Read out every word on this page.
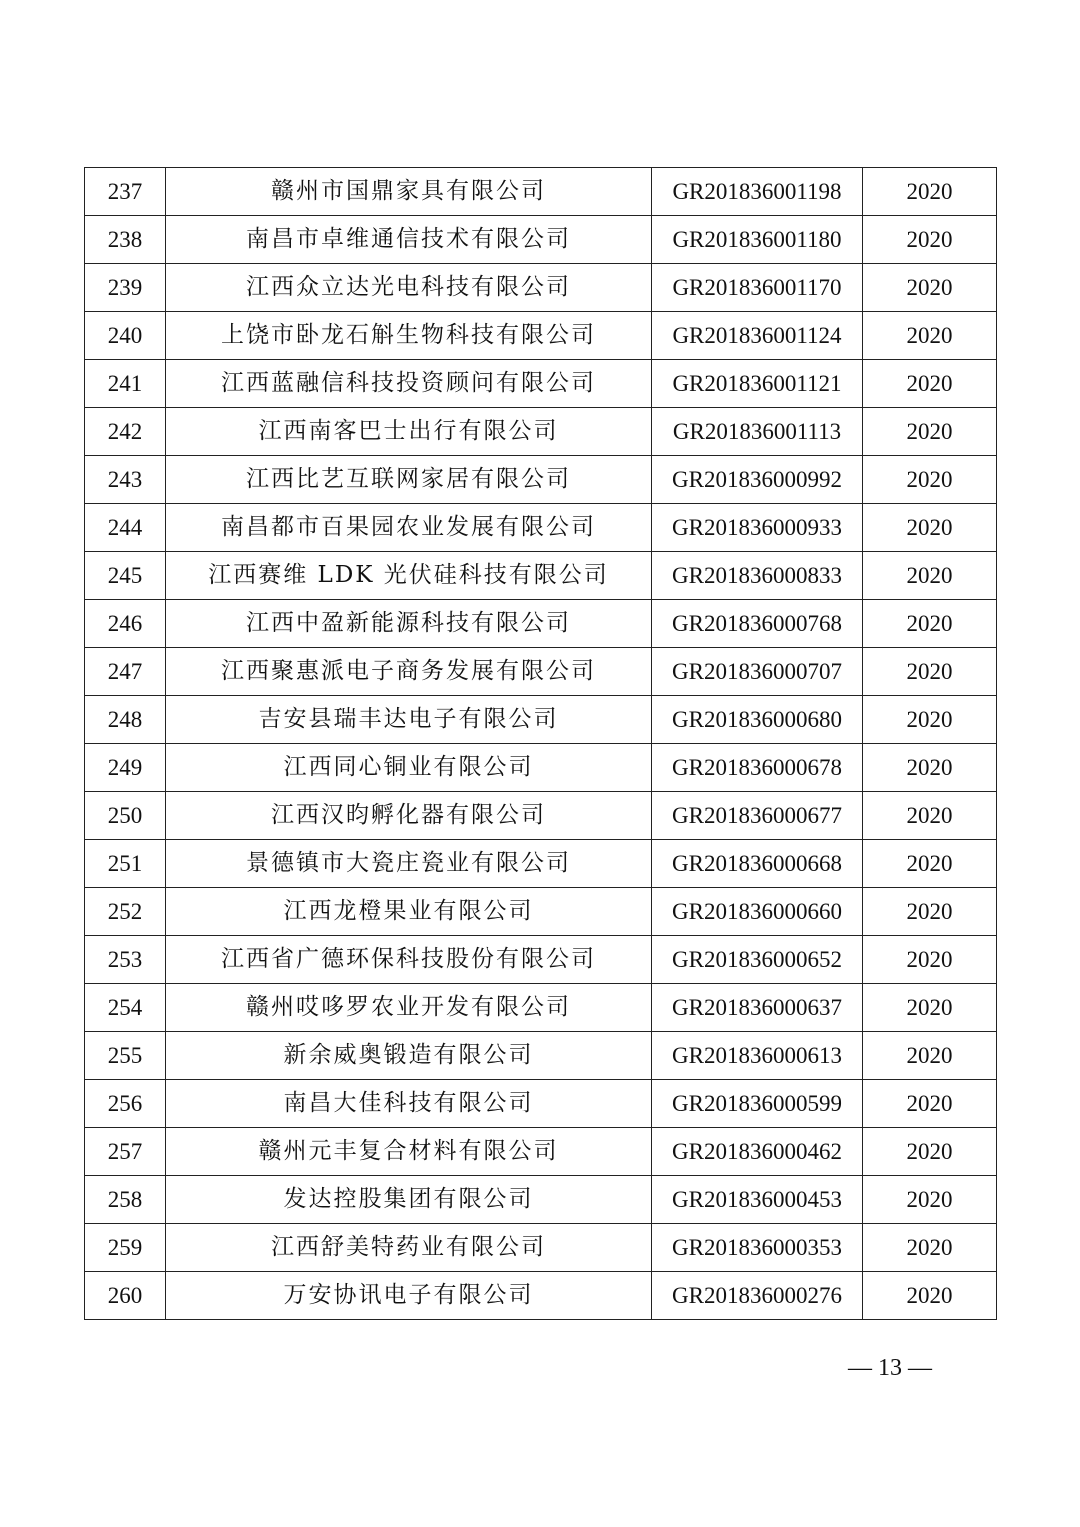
237	赣州市国鼎家具有限公司	GR201836001198	2020
238	南昌市卓维通信技术有限公司	GR201836001180	2020
239	江西众立达光电科技有限公司	GR201836001170	2020
240	上饶市卧龙石斛生物科技有限公司	GR201836001124	2020
241	江西蓝融信科技投资顾问有限公司	GR201836001121	2020
242	江西南客巴士出行有限公司	GR201836001113	2020
243	江西比艺互联网家居有限公司	GR201836000992	2020
244	南昌都市百果园农业发展有限公司	GR201836000933	2020
245	江西赛维 LDK 光伏硅科技有限公司	GR201836000833	2020
246	江西中盈新能源科技有限公司	GR201836000768	2020
247	江西聚惠派电子商务发展有限公司	GR201836000707	2020
248	吉安县瑞丰达电子有限公司	GR201836000680	2020
249	江西同心铜业有限公司	GR201836000678	2020
250	江西汉昀孵化器有限公司	GR201836000677	2020
251	景德镇市大瓷庄瓷业有限公司	GR201836000668	2020
252	江西龙橙果业有限公司	GR201836000660	2020
253	江西省广德环保科技股份有限公司	GR201836000652	2020
254	赣州哎哆罗农业开发有限公司	GR201836000637	2020
255	新余威奥锻造有限公司	GR201836000613	2020
256	南昌大佳科技有限公司	GR201836000599	2020
257	赣州元丰复合材料有限公司	GR201836000462	2020
258	发达控股集团有限公司	GR201836000453	2020
259	江西舒美特药业有限公司	GR201836000353	2020
260	万安协讯电子有限公司	GR201836000276	2020
— 13 —
